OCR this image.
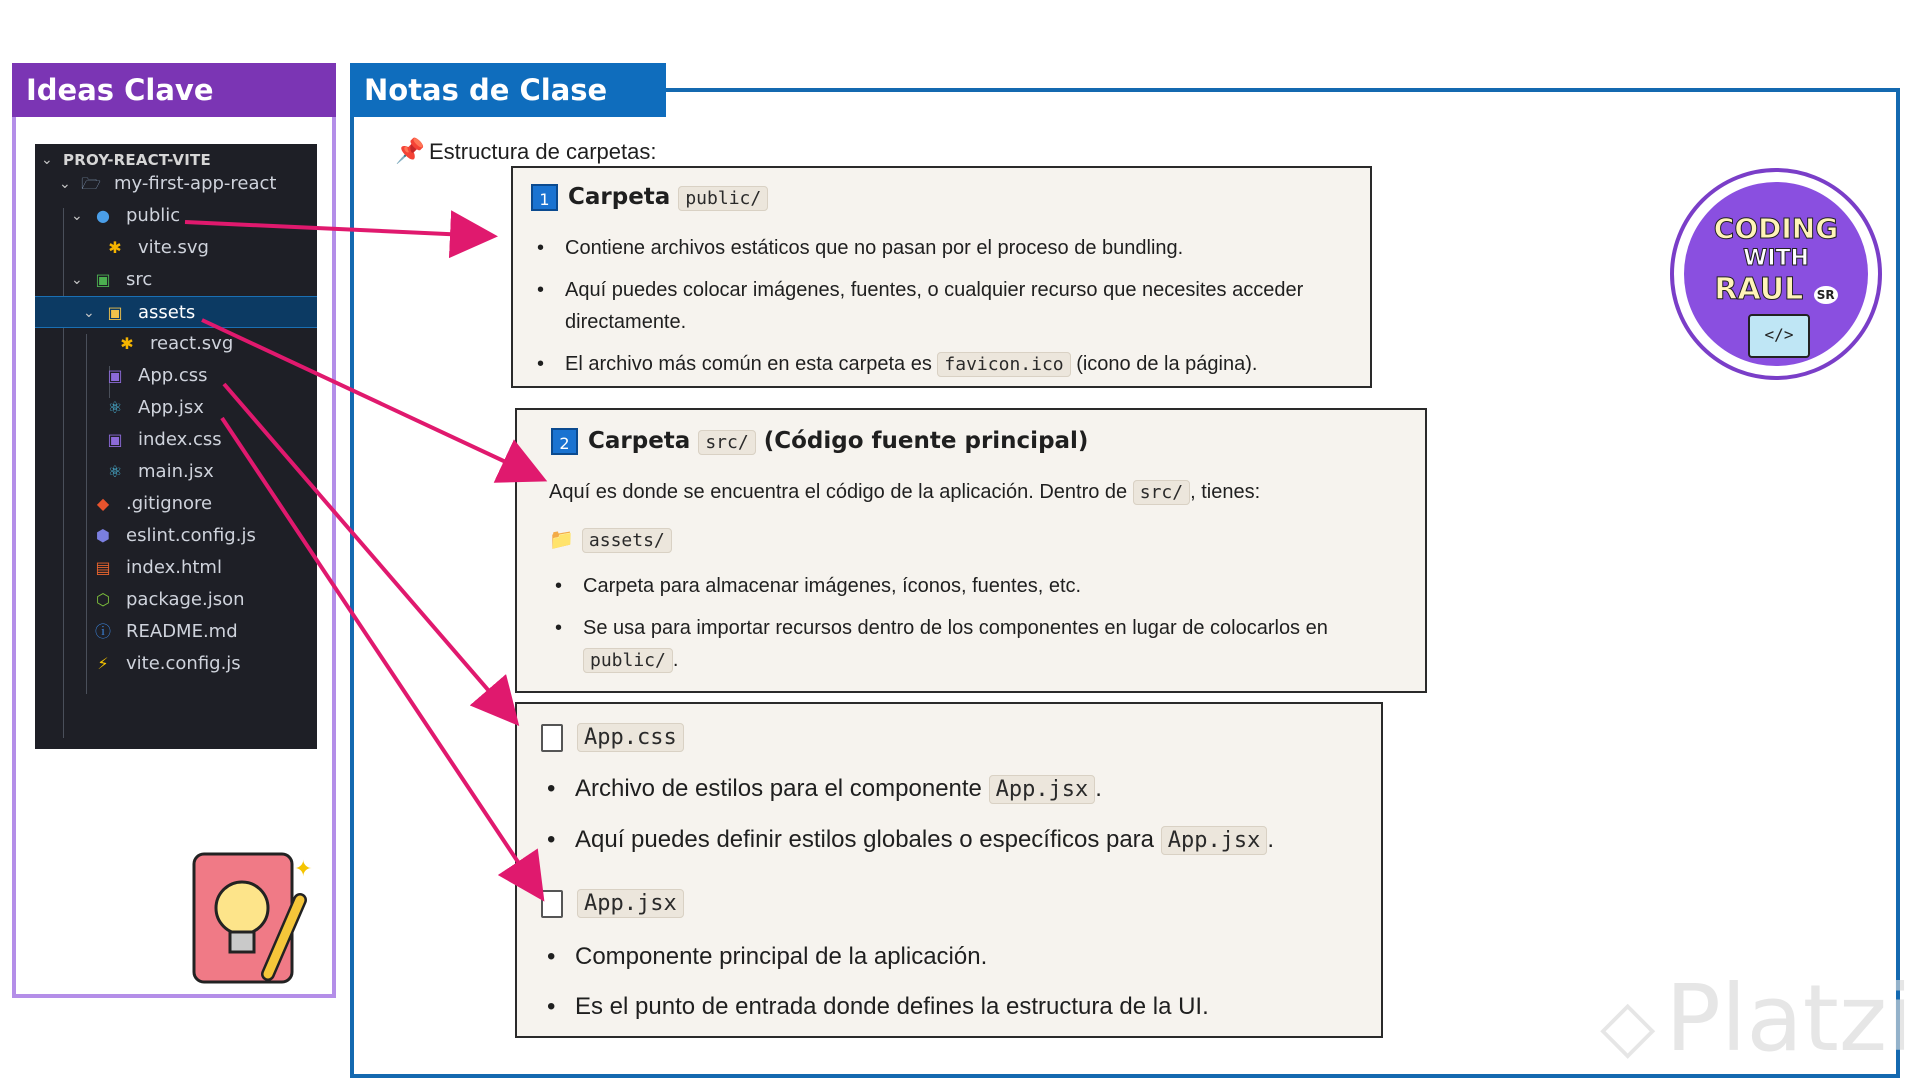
Ideas Clave
⌄ PROY-REACT-VITE
⌄ 🗁 my-first-app-react
⌄ ● public
✱ vite.svg
⌄ ▣ src
⌄ ▣ assets
✱ react.svg
▣ App.css
⚛ App.jsx
▣ index.css
⚛ main.jsx
◆ .gitignore
⬢ eslint.config.js
▤ index.html
⬡ package.json
ⓘ README.md
⚡ vite.config.js
✦
Notas de Clase
📌 Estructura de carpetas:
1 Carpeta public/
• Contiene archivos estáticos que no pasan por el proceso de bundling.
• Aquí puedes colocar imágenes, fuentes, o cualquier recurso que necesites acceder
directamente.
• El archivo más común en esta carpeta es favicon.ico (icono de la página).
2 Carpeta src/ (Código fuente principal)
Aquí es donde se encuentra el código de la aplicación. Dentro de src/ , tienes:
📁 assets/
• Carpeta para almacenar imágenes, íconos, fuentes, etc.
• Se usa para importar recursos dentro de los componentes en lugar de colocarlos en
public/ .
App.css
• Archivo de estilos para el componente App.jsx .
• Aquí puedes definir estilos globales o específicos para App.jsx .
App.jsx
• Componente principal de la aplicación.
• Es el punto de entrada donde defines la estructura de la UI.
CODING
WITH
RAUL SR
</>
◇ Platzi
